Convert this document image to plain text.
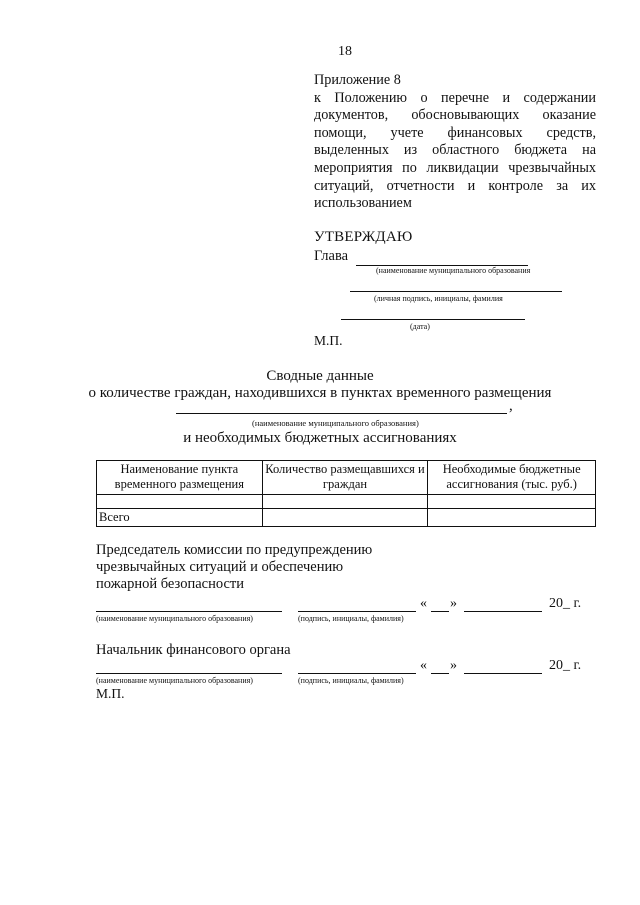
18
Приложение 8
к Положению о перечне и содержании документов, обосновывающих оказание помощи, учете финансовых средств, выделенных из областного бюджета на мероприятия по ликвидации чрезвычайных ситуаций, отчетности и контроле за их использованием
УТВЕРЖДАЮ
Глава
(наименование муниципального образования
(личная подпись, инициалы, фамилия
(дата)
М.П.
Сводные данные
о количестве граждан, находившихся в пунктах временного размещения
,
(наименование муниципального образования)
и необходимых бюджетных ассигнованиях
Наименование пункта временного размещения	Количество размещавшихся и граждан	Необходимые бюджетные ассигнования (тыс. руб.)

Всего		
Председатель комиссии по предупреждению
чрезвычайных ситуаций и обеспечению
пожарной безопасности
« »	20_ г.
(наименование муниципального образования)	(подпись, инициалы, фамилия)
Начальник финансового органа
« »	20_ г.
(наименование муниципального образования)	(подпись, инициалы, фамилия)
М.П.
